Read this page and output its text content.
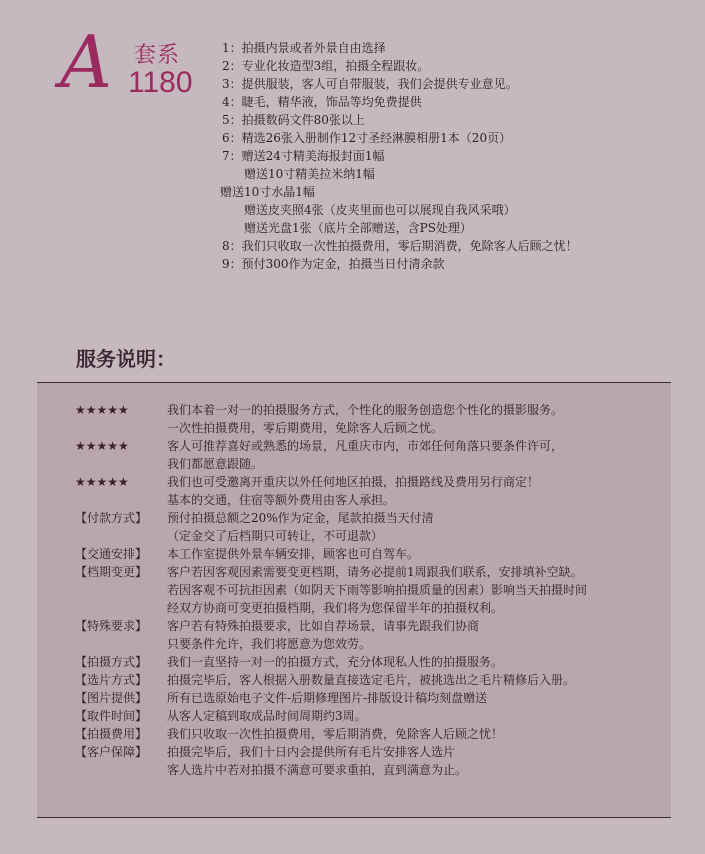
A 套系
1180
1：拍摄内景或者外景自由选择
2：专业化妆造型3组，拍摄全程跟妆。
3：提供服装，客人可自带服装，我们会提供专业意见。
4：睫毛，精华液，饰品等均免费提供
5：拍摄数码文件80张以上
6：精选26张入册制作12寸圣经淋膜相册1本（20页）
7：赠送24寸精美海报封面1幅
赠送10寸精美拉米纳1幅
赠送10寸水晶1幅
赠送皮夹照4张（皮夹里面也可以展现自我风采哦）
赠送光盘1张（底片全部赠送，含PS处理）
8：我们只收取一次性拍摄费用，零后期消费，免除客人后顾之忧！
9：预付300作为定金，拍摄当日付清余款
服务说明：
★★★★★	我们本着一对一的拍摄服务方式，个性化的服务创造您个性化的摄影服务。
一次性拍摄费用，零后期费用，免除客人后顾之忧。
★★★★★	客人可推荐喜好或熟悉的场景，凡重庆市内，市郊任何角落只要条件许可，
我们都愿意跟随。
★★★★★	我们也可受邀离开重庆以外任何地区拍摄，拍摄路线及费用另行商定！
基本的交通，住宿等额外费用由客人承担。
【付款方式】	预付拍摄总额之20%作为定金，尾款拍摄当天付清
（定金交了后档期只可转让，不可退款）
【交通安排】	本工作室提供外景车辆安排，顾客也可自驾车。
【档期变更】	客户若因客观因素需要变更档期，请务必提前1周跟我们联系，安排填补空缺。
若因客观不可抗拒因素（如阴天下雨等影响拍摄质量的因素）影响当天拍摄时间
经双方协商可变更拍摄档期，我们将为您保留半年的拍摄权利。
【特殊要求】	客户若有特殊拍摄要求，比如自荐场景，请事先跟我们协商
只要条件允许，我们将愿意为您效劳。
【拍摄方式】	我们一直坚持一对一的拍摄方式，充分体现私人性的拍摄服务。
【选片方式】	拍摄完毕后，客人根据入册数量直接选定毛片，被挑选出之毛片精修后入册。
【图片提供】	所有已选原始电子文件-后期修理图片-排版设计稿均刻盘赠送
【取件时间】	从客人定稿到取成品时间周期约3周。
【拍摄费用】	我们只收取一次性拍摄费用，零后期消费，免除客人后顾之忧！
【客户保障】	拍摄完毕后，我们十日内会提供所有毛片安排客人选片
客人选片中若对拍摄不满意可要求重拍，直到满意为止。
